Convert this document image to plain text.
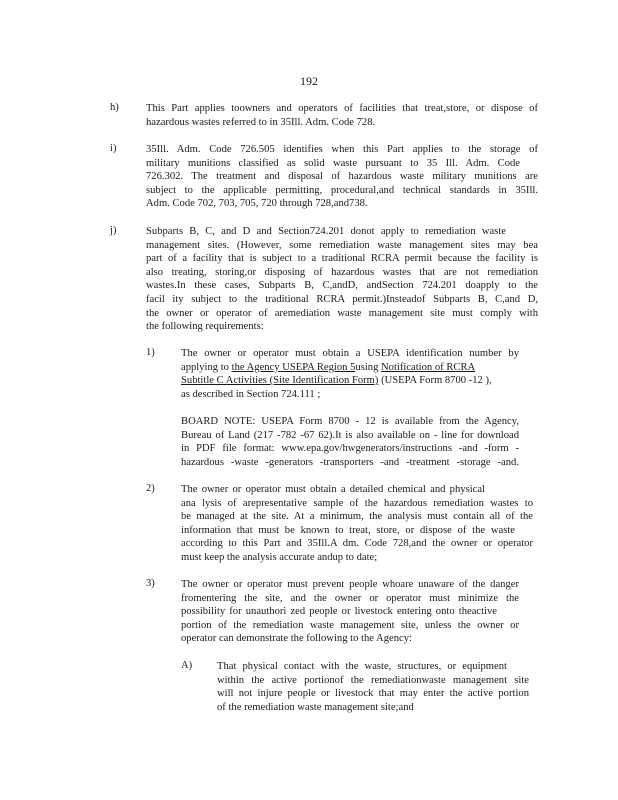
192
h)	This Part applies toowners and operators of facilities that treat,store, or dispose of
hazardous wastes referred to in 35Ill. Adm. Code 728.
i)	35Ill. Adm. Code 726.505 identifies when this Part applies to the storage of
military munitions classified as solid waste pursuant to 35 Ill. Adm. Code
726.302. The treatment and disposal of hazardous waste military munitions are
subject to the applicable permitting, procedural,and technical standards in 35Ill.
Adm. Code 702, 703, 705, 720 through 728,and738.
j)	Subparts B, C, and D and Section724.201 donot apply to remediation waste
management sites. (However, some remediation waste management sites may bea
part of a facility that is subject to a traditional RCRA permit because the facility is
also treating, storing,or disposing of hazardous wastes that are not remediation
wastes.In these cases, Subparts B, C,andD, andSection 724.201 doapply to the
facil ity subject to the traditional RCRA permit.)Insteadof Subparts B, C,and D,
the owner or operator of aremediation waste management site must comply with
the following requirements:
1) The owner or operator must obtain a USEPA identification number by
applying to the Agency USEPA Region 5using Notification of RCRA
Subtitle C Activities (Site Identification Form) (USEPA Form 8700 -12 ),
as described in Section 724.111 ;
BOARD NOTE: USEPA Form 8700 - 12 is available from the Agency,
Bureau of Land (217 -782 -67 62).It is also available on - line for download
in PDF file format: www.epa.gov/hwgenerators/instructions -and -form -
hazardous -waste -generators -transporters -and -treatment -storage -and.
2) The owner or operator must obtain a detailed chemical and physical
ana lysis of arepresentative sample of the hazardous remediation wastes to
be managed at the site. At a minimum, the analysis must contain all of the
information that must be known to treat, store, or dispose of the waste
according to this Part and 35Ill.A dm. Code 728,and the owner or operator
must keep the analysis accurate andup to date;
3) The owner or operator must prevent people whoare unaware of the danger
fromentering the site, and the owner or operator must minimize the
possibility for unauthori zed people or livestock entering onto theactive
portion of the remediation waste management site, unless the owner or
operator can demonstrate the following to the Agency:
A) That physical contact with the waste, structures, or equipment
within the active portionof the remediationwaste management site
will not injure people or livestock that may enter the active portion
of the remediation waste management site;and
